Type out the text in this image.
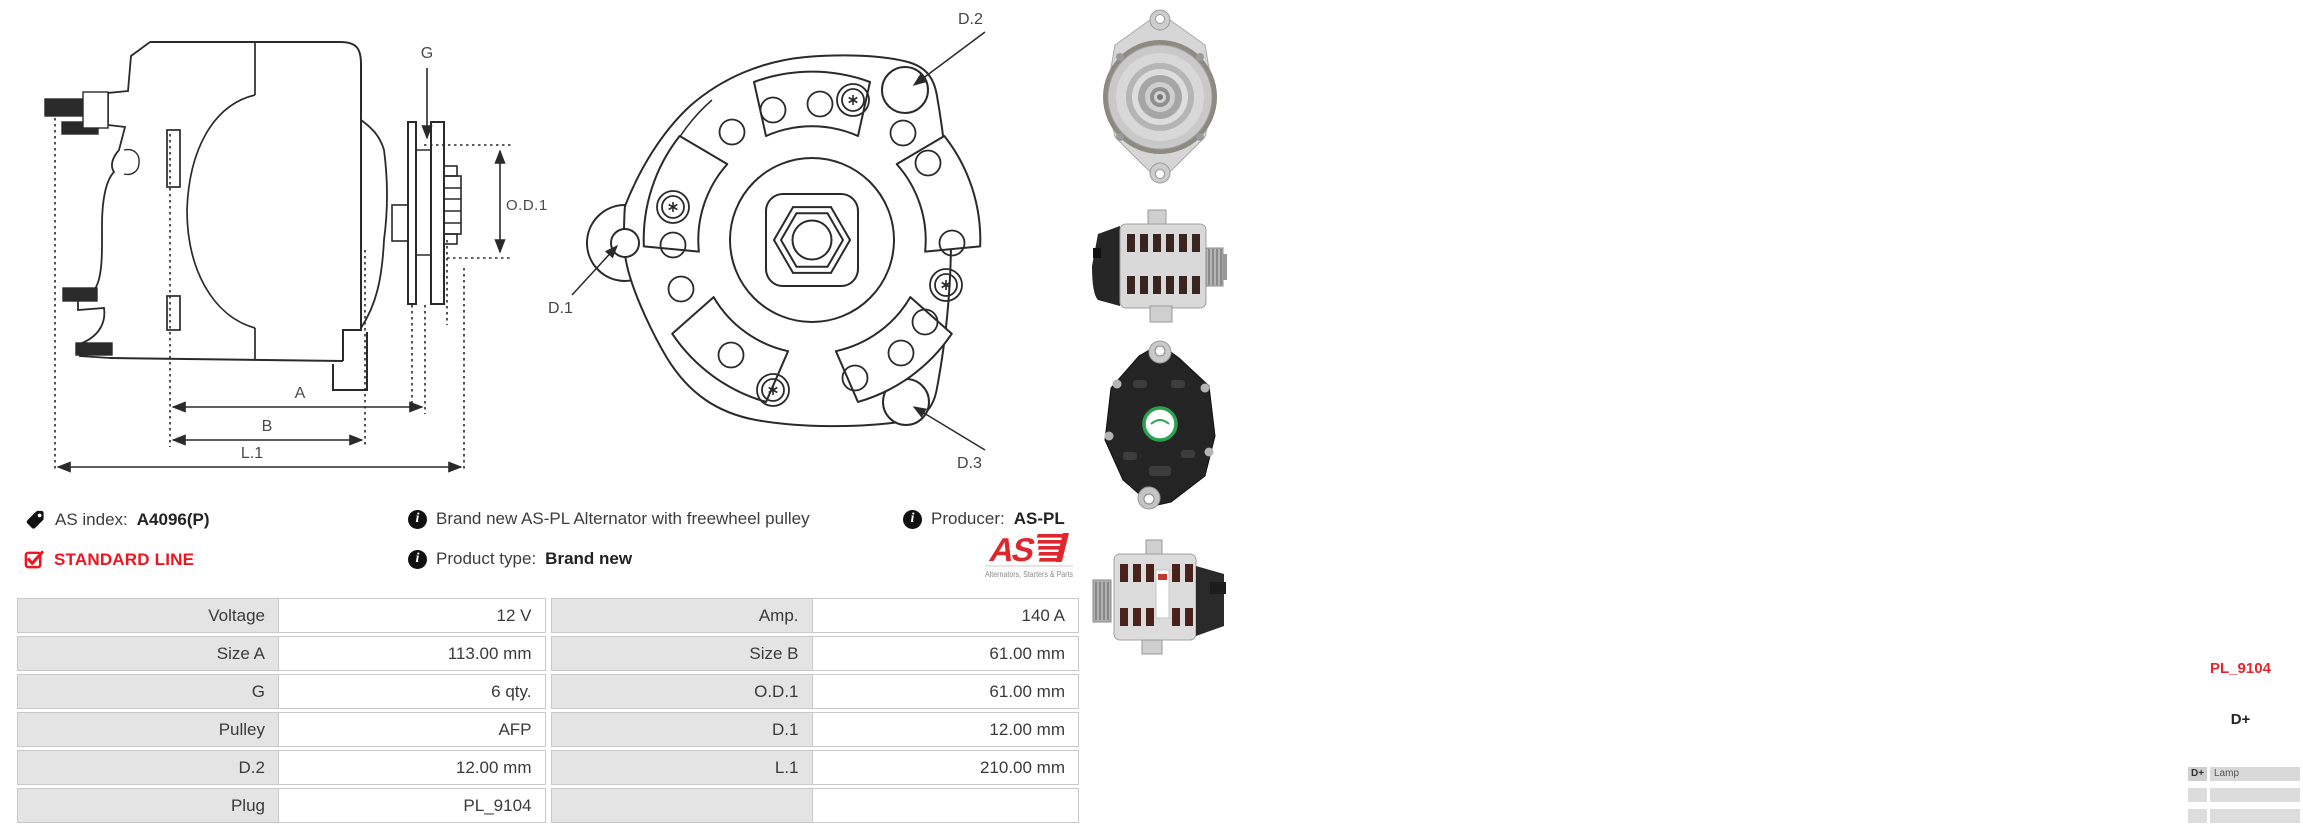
G
O.D.1
A
B
L.1
D.2
D.1
D.3
AS index: A4096(P)
STANDARD LINE
i Brand new AS-PL Alternator with freewheel pulley
i Product type: Brand new
i Producer: AS-PL
AS
Alternators, Starters & Parts
Voltage	12 V	Amp.	140 A
Size A	113.00 mm	Size B	61.00 mm
G	6 qty.	O.D.1	61.00 mm
Pulley	AFP	D.1	12.00 mm
D.2	12.00 mm	L.1	210.00 mm
Plug	PL_9104
PL_9104
D+
D+ Lamp
